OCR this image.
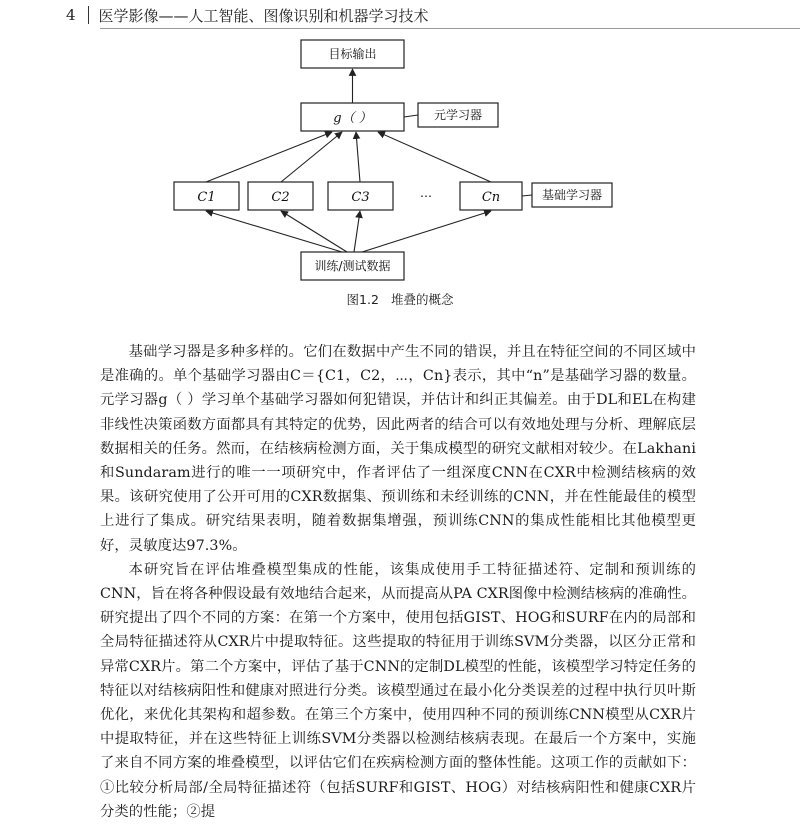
4 医学影像——人工智能、图像识别和机器学习技术
目标输出
g（ ）	元学习器
C1	C2	C3	…	Cn	基础学习器
训练/测试数据
图1.2 堆叠的概念

基础学习器是多种多样的。它们在数据中产生不同的错误，并且在特征空间的不同区域中是准确的。单个基础学习器由C＝{C1，C2，⋯，Cn}表示，其中“n”是基础学习器的数量。元学习器g（ ）学习单个基础学习器如何犯错误，并估计和纠正其偏差。由于DL和EL在构建非线性决策函数方面都具有其特定的优势，因此两者的结合可以有效地处理与分析、理解底层数据相关的任务。然而，在结核病检测方面，关于集成模型的研究文献相对较少。在Lakhani和Sundaram进行的唯一一项研究中，作者评估了一组深度CNN在CXR中检测结核病的效果。该研究使用了公开可用的CXR数据集、预训练和未经训练的CNN，并在性能最佳的模型上进行了集成。研究结果表明，随着数据集增强，预训练CNN的集成性能相比其他模型更好，灵敏度达97.3%。

本研究旨在评估堆叠模型集成的性能，该集成使用手工特征描述符、定制和预训练的CNN，旨在将各种假设最有效地结合起来，从而提高从PA CXR图像中检测结核病的准确性。研究提出了四个不同的方案：在第一个方案中，使用包括GIST、HOG和SURF在内的局部和全局特征描述符从CXR片中提取特征。这些提取的特征用于训练SVM分类器，以区分正常和异常CXR片。第二个方案中，评估了基于CNN的定制DL模型的性能，该模型学习特定任务的特征以对结核病阳性和健康对照进行分类。该模型通过在最小化分类误差的过程中执行贝叶斯优化，来优化其架构和超参数。在第三个方案中，使用四种不同的预训练CNN模型从CXR片中提取特征，并在这些特征上训练SVM分类器以检测结核病表现。在最后一个方案中，实施了来自不同方案的堆叠模型，以评估它们在疾病检测方面的整体性能。这项工作的贡献如下：①比较分析局部/全局特征描述符（包括SURF和GIST、HOG）对结核病阳性和健康CXR片分类的性能；②提
